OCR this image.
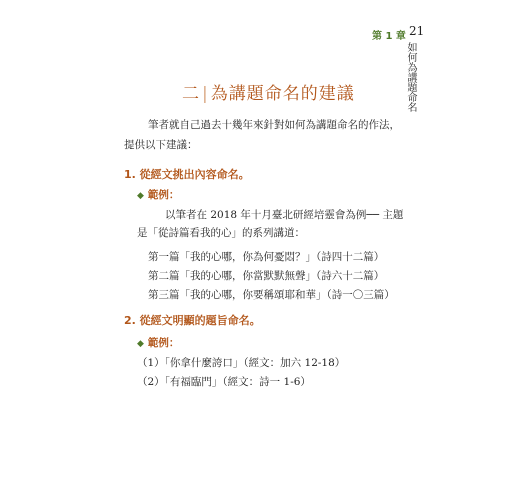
第 1 章 21
如何為講題命名
二 | 為講題命名的建議
筆者就自己過去十幾年來針對如何為講題命名的作法，
提供以下建議：
1. 從經文挑出內容命名。
◆ 範例：
以筆者在 2018 年十月臺北研經培靈會為例── 主題
是「從詩篇看我的心」的系列講道：
第一篇「我的心哪，你為何憂悶？」（詩四十二篇）
第二篇「我的心哪，你當默默無聲」（詩六十二篇）
第三篇「我的心哪，你要稱頌耶和華」（詩一〇三篇）
2. 從經文明顯的題旨命名。
◆ 範例：
（1）「你拿什麼誇口」（經文：加六 12-18）
（2）「有福臨門」（經文：詩一 1-6）
